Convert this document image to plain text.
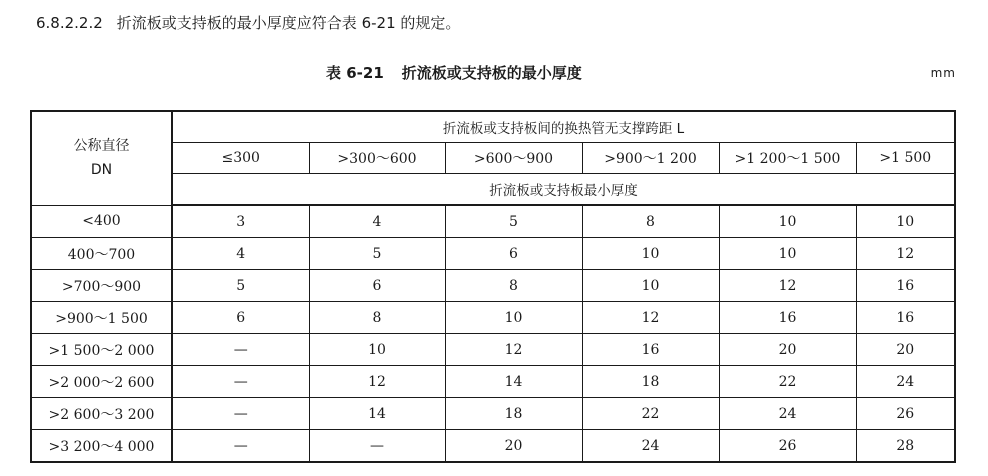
6.8.2.2.2 折流板或支持板的最小厚度应符合表 6-21 的规定。
表 6-21 折流板或支持板的最小厚度	mm
公称直径
DN	折流板或支持板间的换热管无支撑跨距 L					
	≤300	>300～600	>600～900	>900～1 200	>1 200～1 500	>1 500
	折流板或支持板最小厚度					
<400	3	4	5	8	10	10
400～700	4	5	6	10	10	12
>700～900	5	6	8	10	12	16
>900～1 500	6	8	10	12	16	16
>1 500～2 000	—	10	12	16	20	20
>2 000～2 600	—	12	14	18	22	24
>2 600～3 200	—	14	18	22	24	26
>3 200～4 000	—	—	20	24	26	28
